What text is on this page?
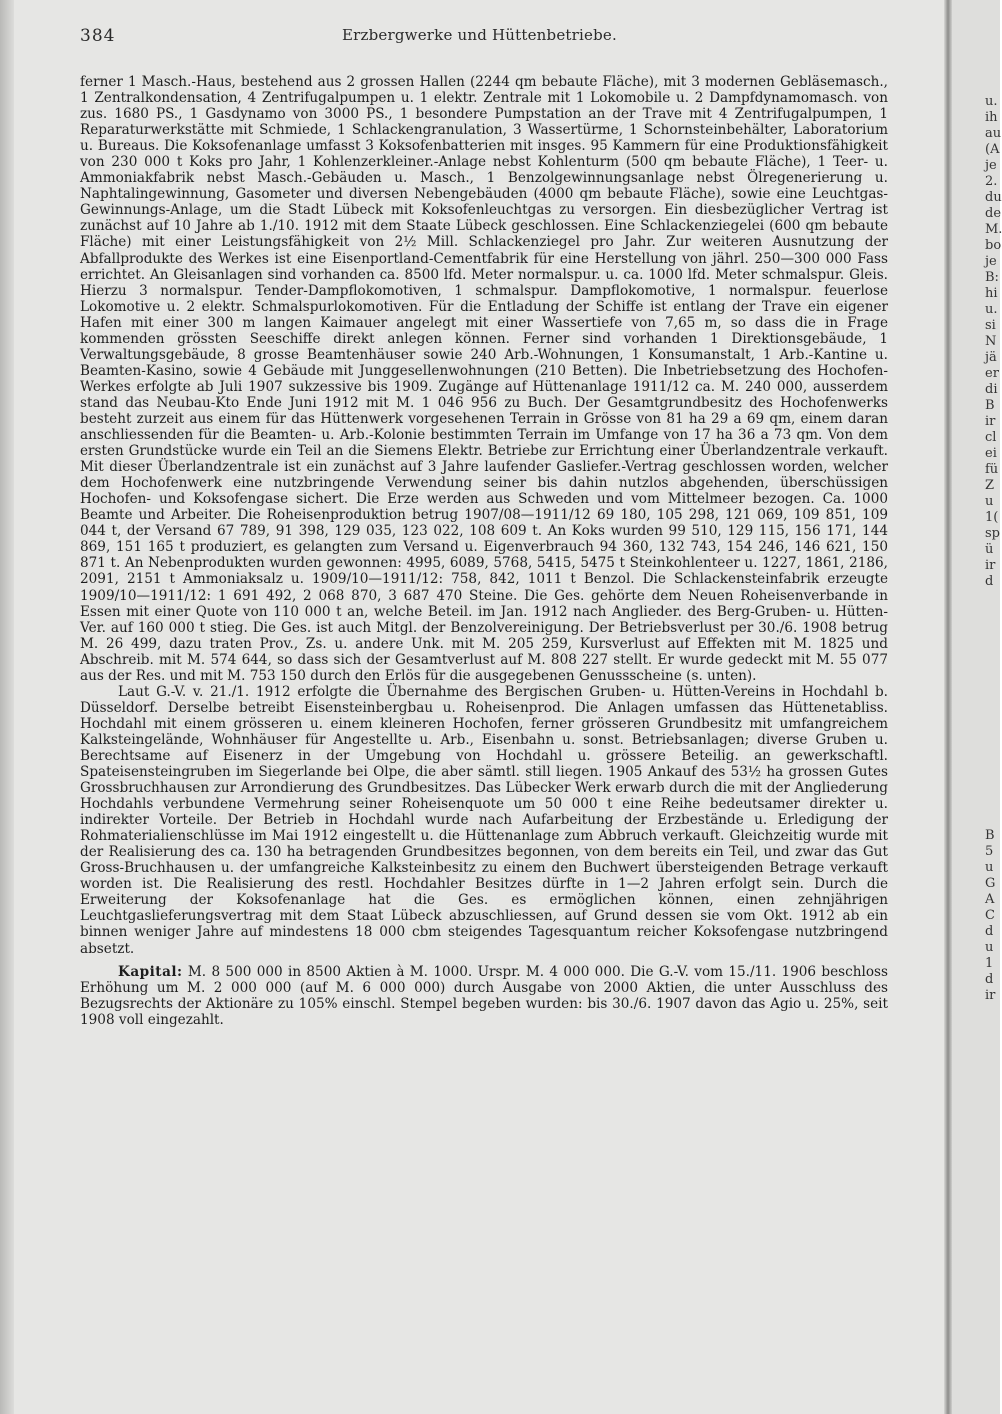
384	Erzbergwerke und Hüttenbetriebe.

ferner 1 Masch.-Haus, bestehend aus 2 grossen Hallen (2244 qm bebaute Fläche), mit 3 modernen Gebläsemasch., 1 Zentralkondensation, 4 Zentrifugalpumpen u. 1 elektr. Zentrale mit 1 Lokomobile u. 2 Dampfdynamomasch. von zus. 1680 PS., 1 Gasdynamo von 3000 PS., 1 besondere Pumpstation an der Trave mit 4 Zentrifugalpumpen, 1 Reparaturwerkstätte mit Schmiede, 1 Schlackengranulation, 3 Wassertürme, 1 Schornsteinbehälter, Laboratorium u. Bureaus. Die Koksofenanlage umfasst 3 Koksofenbatterien mit insges. 95 Kammern für eine Produktionsfähigkeit von 230 000 t Koks pro Jahr, 1 Kohlenzerkleiner.-Anlage nebst Kohlenturm (500 qm bebaute Fläche), 1 Teer- u. Ammoniakfabrik nebst Masch.-Gebäuden u. Masch., 1 Benzolgewinnungsanlage nebst Ölregenerierung u. Naphtalingewinnung, Gasometer und diversen Nebengebäuden (4000 qm bebaute Fläche), sowie eine Leuchtgas-Gewinnungs-Anlage, um die Stadt Lübeck mit Koksofenleuchtgas zu versorgen. Ein diesbezüglicher Vertrag ist zunächst auf 10 Jahre ab 1./10. 1912 mit dem Staate Lübeck geschlossen. Eine Schlackenziegelei (600 qm bebaute Fläche) mit einer Leistungsfähigkeit von 2½ Mill. Schlackenziegel pro Jahr. Zur weiteren Ausnutzung der Abfallprodukte des Werkes ist eine Eisenportland-Cementfabrik für eine Herstellung von jährl. 250—300 000 Fass errichtet. An Gleisanlagen sind vorhanden ca. 8500 lfd. Meter normalspur. u. ca. 1000 lfd. Meter schmalspur. Gleis. Hierzu 3 normalspur. Tender-Dampflokomotiven, 1 schmalspur. Dampflokomotive, 1 normalspur. feuerlose Lokomotive u. 2 elektr. Schmalspurlokomotiven. Für die Entladung der Schiffe ist entlang der Trave ein eigener Hafen mit einer 300 m langen Kaimauer angelegt mit einer Wassertiefe von 7,65 m, so dass die in Frage kommenden grössten Seeschiffe direkt anlegen können. Ferner sind vorhanden 1 Direktionsgebäude, 1 Verwaltungsgebäude, 8 grosse Beamtenhäuser sowie 240 Arb.-Wohnungen, 1 Konsumanstalt, 1 Arb.-Kantine u. Beamten-Kasino, sowie 4 Gebäude mit Junggesellenwohnungen (210 Betten). Die Inbetriebsetzung des Hochofen-Werkes erfolgte ab Juli 1907 sukzessive bis 1909. Zugänge auf Hüttenanlage 1911/12 ca. M. 240 000, ausserdem stand das Neubau-Kto Ende Juni 1912 mit M. 1 046 956 zu Buch. Der Gesamtgrundbesitz des Hochofenwerks besteht zurzeit aus einem für das Hüttenwerk vorgesehenen Terrain in Grösse von 81 ha 29 a 69 qm, einem daran anschliessenden für die Beamten- u. Arb.-Kolonie bestimmten Terrain im Umfange von 17 ha 36 a 73 qm. Von dem ersten Grundstücke wurde ein Teil an die Siemens Elektr. Betriebe zur Errichtung einer Überlandzentrale verkauft. Mit dieser Überlandzentrale ist ein zunächst auf 3 Jahre laufender Gasliefer.-Vertrag geschlossen worden, welcher dem Hochofenwerk eine nutzbringende Verwendung seiner bis dahin nutzlos abgehenden, überschüssigen Hochofen- und Koksofengase sichert. Die Erze werden aus Schweden und vom Mittelmeer bezogen. Ca. 1000 Beamte und Arbeiter. Die Roheisenproduktion betrug 1907/08—1911/12 69 180, 105 298, 121 069, 109 851, 109 044 t, der Versand 67 789, 91 398, 129 035, 123 022, 108 609 t. An Koks wurden 99 510, 129 115, 156 171, 144 869, 151 165 t produziert, es gelangten zum Versand u. Eigenverbrauch 94 360, 132 743, 154 246, 146 621, 150 871 t. An Nebenprodukten wurden gewonnen: 4995, 6089, 5768, 5415, 5475 t Steinkohlenteer u. 1227, 1861, 2186, 2091, 2151 t Ammoniaksalz u. 1909/10—1911/12: 758, 842, 1011 t Benzol. Die Schlackensteinfabrik erzeugte 1909/10—1911/12: 1 691 492, 2 068 870, 3 687 470 Steine. Die Ges. gehörte dem Neuen Roheisenverbande in Essen mit einer Quote von 110 000 t an, welche Beteil. im Jan. 1912 nach Anglieder. des Berg-Gruben- u. Hütten-Ver. auf 160 000 t stieg. Die Ges. ist auch Mitgl. der Benzolvereinigung. Der Betriebsverlust per 30./6. 1908 betrug M. 26 499, dazu traten Prov., Zs. u. andere Unk. mit M. 205 259, Kursverlust auf Effekten mit M. 1825 und Abschreib. mit M. 574 644, so dass sich der Gesamtverlust auf M. 808 227 stellt. Er wurde gedeckt mit M. 55 077 aus der Res. und mit M. 753 150 durch den Erlös für die ausgegebenen Genussscheine (s. unten).

Laut G.-V. v. 21./1. 1912 erfolgte die Übernahme des Bergischen Gruben- u. Hütten-Vereins in Hochdahl b. Düsseldorf. Derselbe betreibt Eisensteinbergbau u. Roheisenprod. Die Anlagen umfassen das Hüttenetabliss. Hochdahl mit einem grösseren u. einem kleineren Hochofen, ferner grösseren Grundbesitz mit umfangreichem Kalksteingelände, Wohnhäuser für Angestellte u. Arb., Eisenbahn u. sonst. Betriebsanlagen; diverse Gruben u. Berechtsame auf Eisenerz in der Umgebung von Hochdahl u. grössere Beteilig. an gewerkschaftl. Spateisensteingruben im Siegerlande bei Olpe, die aber sämtl. still liegen. 1905 Ankauf des 53½ ha grossen Gutes Grossbruchhausen zur Arrondierung des Grundbesitzes. Das Lübecker Werk erwarb durch die mit der Angliederung Hochdahls verbundene Vermehrung seiner Roheisenquote um 50 000 t eine Reihe bedeutsamer direkter u. indirekter Vorteile. Der Betrieb in Hochdahl wurde nach Aufarbeitung der Erzbestände u. Erledigung der Rohmaterialienschlüsse im Mai 1912 eingestellt u. die Hüttenanlage zum Abbruch verkauft. Gleichzeitig wurde mit der Realisierung des ca. 130 ha betragenden Grundbesitzes begonnen, von dem bereits ein Teil, und zwar das Gut Gross-Bruchhausen u. der umfangreiche Kalksteinbesitz zu einem den Buchwert übersteigenden Betrage verkauft worden ist. Die Realisierung des restl. Hochdahler Besitzes dürfte in 1—2 Jahren erfolgt sein. Durch die Erweiterung der Koksofenanlage hat die Ges. es ermöglichen können, einen zehnjährigen Leuchtgaslieferungsvertrag mit dem Staat Lübeck abzuschliessen, auf Grund dessen sie vom Okt. 1912 ab ein binnen weniger Jahre auf mindestens 18 000 cbm steigendes Tagesquantum reicher Koksofengase nutzbringend absetzt.

Kapital: M. 8 500 000 in 8500 Aktien à M. 1000. Urspr. M. 4 000 000. Die G.-V. vom 15./11. 1906 beschloss Erhöhung um M. 2 000 000 (auf M. 6 000 000) durch Ausgabe von 2000 Aktien, die unter Ausschluss des Bezugsrechts der Aktionäre zu 105% einschl. Stempel begeben wurden: bis 30./6. 1907 davon das Agio u. 25%, seit 1908 voll eingezahlt.

u.
ih
au
(A
je
2.
du
de
M.
bo
je
B:
hi
u.
si
N
jä
er
di
B
ir
cl
ei
fü
Z
u
1(
sp
ü
ir
d
B
5
u
G
A
C
d
u
1
d
ir
